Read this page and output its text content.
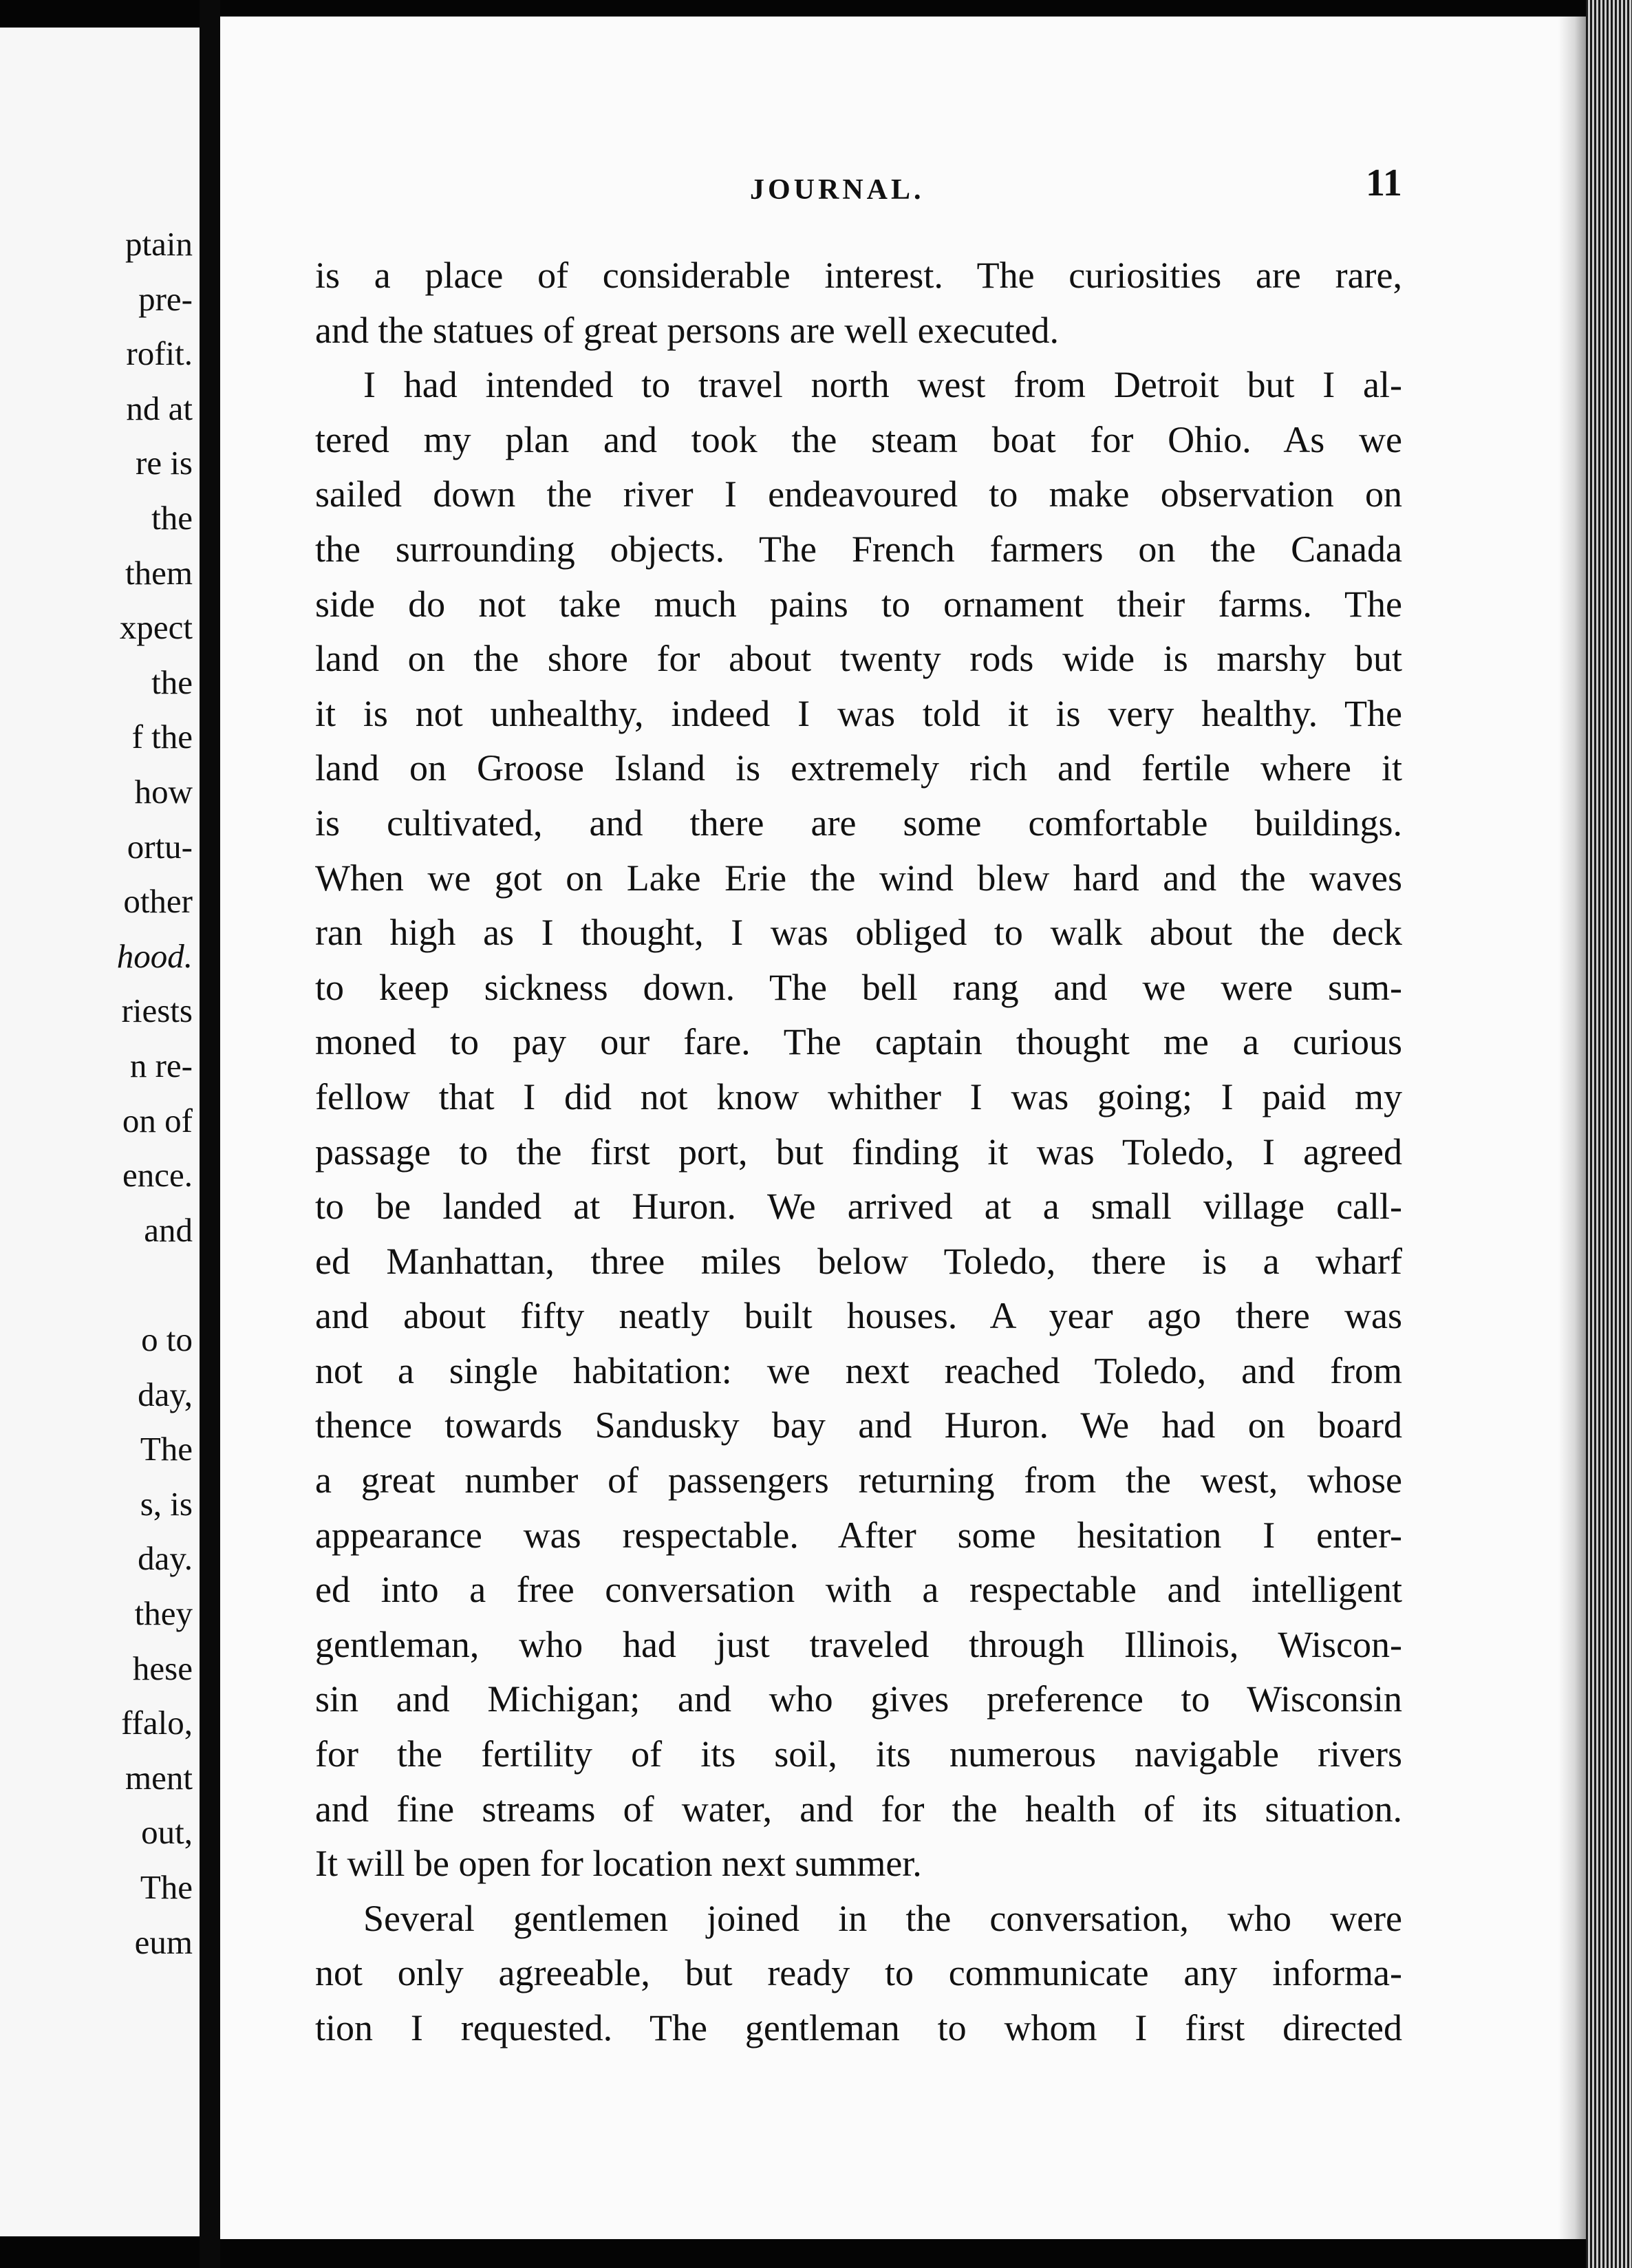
ptain
pre-
rofit.
nd at
re is
the
them
xpect
the
f the
how
ortu-
other
hood.
riests
n re-
on of
ence.
and
o to
day,
The
s, is
day.
they
hese
ffalo,
ment
out,
The
eum
JOURNAL.	11
is a place of considerable interest. The curiosities are rare,
and the statues of great persons are well executed.
I had intended to travel north west from Detroit but I al-
tered my plan and took the steam boat for Ohio. As we
sailed down the river I endeavoured to make observation on
the surrounding objects. The French farmers on the Canada
side do not take much pains to ornament their farms. The
land on the shore for about twenty rods wide is marshy but
it is not unhealthy, indeed I was told it is very healthy. The
land on Groose Island is extremely rich and fertile where it
is cultivated, and there are some comfortable buildings.
When we got on Lake Erie the wind blew hard and the waves
ran high as I thought, I was obliged to walk about the deck
to keep sickness down. The bell rang and we were sum-
moned to pay our fare. The captain thought me a curious
fellow that I did not know whither I was going; I paid my
passage to the first port, but finding it was Toledo, I agreed
to be landed at Huron. We arrived at a small village call-
ed Manhattan, three miles below Toledo, there is a wharf
and about fifty neatly built houses. A year ago there was
not a single habitation: we next reached Toledo, and from
thence towards Sandusky bay and Huron. We had on board
a great number of passengers returning from the west, whose
appearance was respectable. After some hesitation I enter-
ed into a free conversation with a respectable and intelligent
gentleman, who had just traveled through Illinois, Wiscon-
sin and Michigan; and who gives preference to Wisconsin
for the fertility of its soil, its numerous navigable rivers
and fine streams of water, and for the health of its situation.
It will be open for location next summer.
Several gentlemen joined in the conversation, who were
not only agreeable, but ready to communicate any informa-
tion I requested. The gentleman to whom I first directed
